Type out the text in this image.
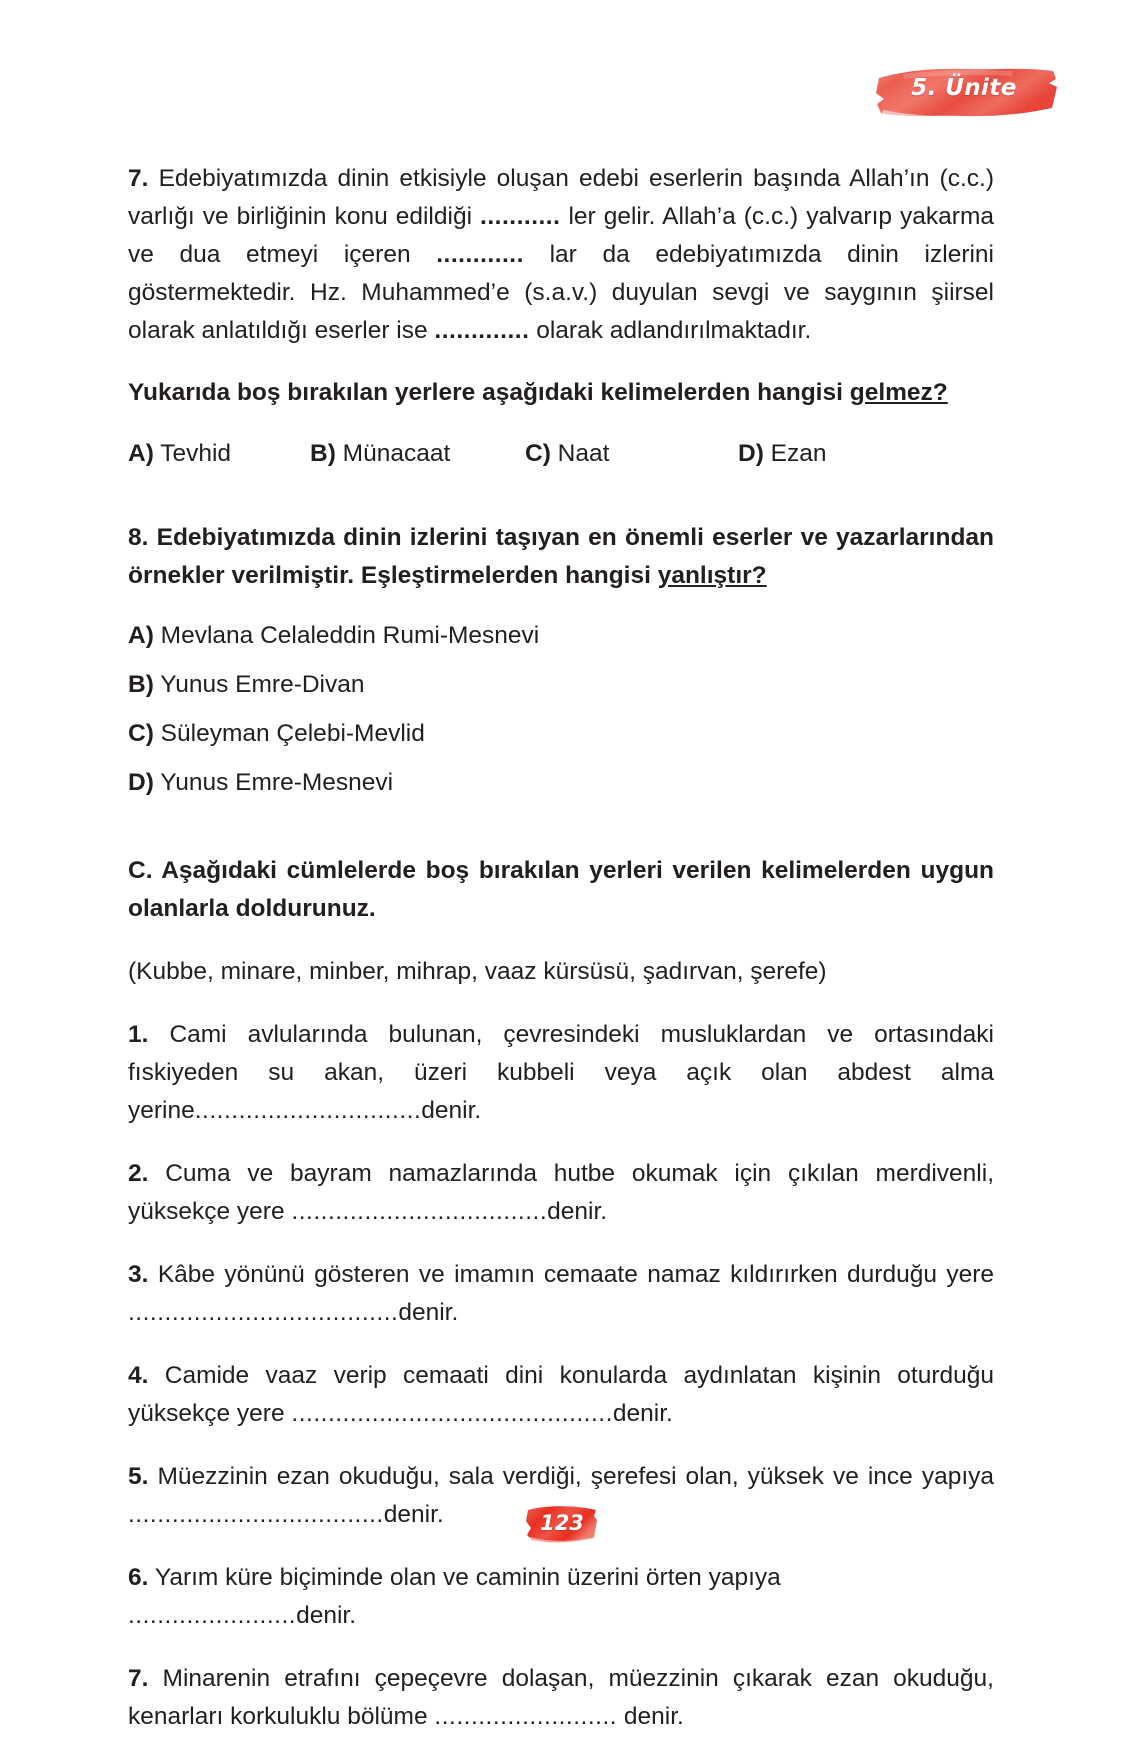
5. Ünite

7. Edebiyatımızda dinin etkisiyle oluşan edebi eserlerin başında Allah’ın (c.c.) varlığı ve birliğinin konu edildiği ........... ler gelir. Allah’a (c.c.) yalvarıp yakarma ve dua etmeyi içeren ............ lar da edebiyatımızda dinin izlerini göstermektedir. Hz. Muhammed’e (s.a.v.) duyulan sevgi ve saygının şiirsel olarak anlatıldığı eserler ise ............. olarak adlandırılmaktadır.

Yukarıda boş bırakılan yerlere aşağıdaki kelimelerden hangisi gelmez?

A) Tevhid	B) Münacaat	C) Naat	D) Ezan

8. Edebiyatımızda dinin izlerini taşıyan en önemli eserler ve yazarlarından örnekler verilmiştir. Eşleştirmelerden hangisi yanlıştır?

A) Mevlana Celaleddin Rumi-Mesnevi
B) Yunus Emre-Divan
C) Süleyman Çelebi-Mevlid
D) Yunus Emre-Mesnevi

C. Aşağıdaki cümlelerde boş bırakılan yerleri verilen kelimelerden uygun olanlarla doldurunuz.

(Kubbe, minare, minber, mihrap, vaaz kürsüsü, şadırvan, şerefe)

1. Cami avlularında bulunan, çevresindeki musluklardan ve ortasındaki fıskiyeden su akan, üzeri kubbeli veya açık olan abdest alma yerine...............................denir.

2. Cuma ve bayram namazlarında hutbe okumak için çıkılan merdivenli, yüksekçe yere ...................................denir.

3. Kâbe yönünü gösteren ve imamın cemaate namaz kıldırırken durduğu yere .....................................denir.

4. Camide vaaz verip cemaati dini konularda aydınlatan kişinin oturduğu yüksekçe yere ............................................denir.

5. Müezzinin ezan okuduğu, sala verdiği, şerefesi olan, yüksek ve ince yapıya ...................................denir.

6. Yarım küre biçiminde olan ve caminin üzerini örten yapıya .......................denir.

7. Minarenin etrafını çepeçevre dolaşan, müezzinin çıkarak ezan okuduğu, kenarları korkuluklu bölüme ......................... denir.

123
